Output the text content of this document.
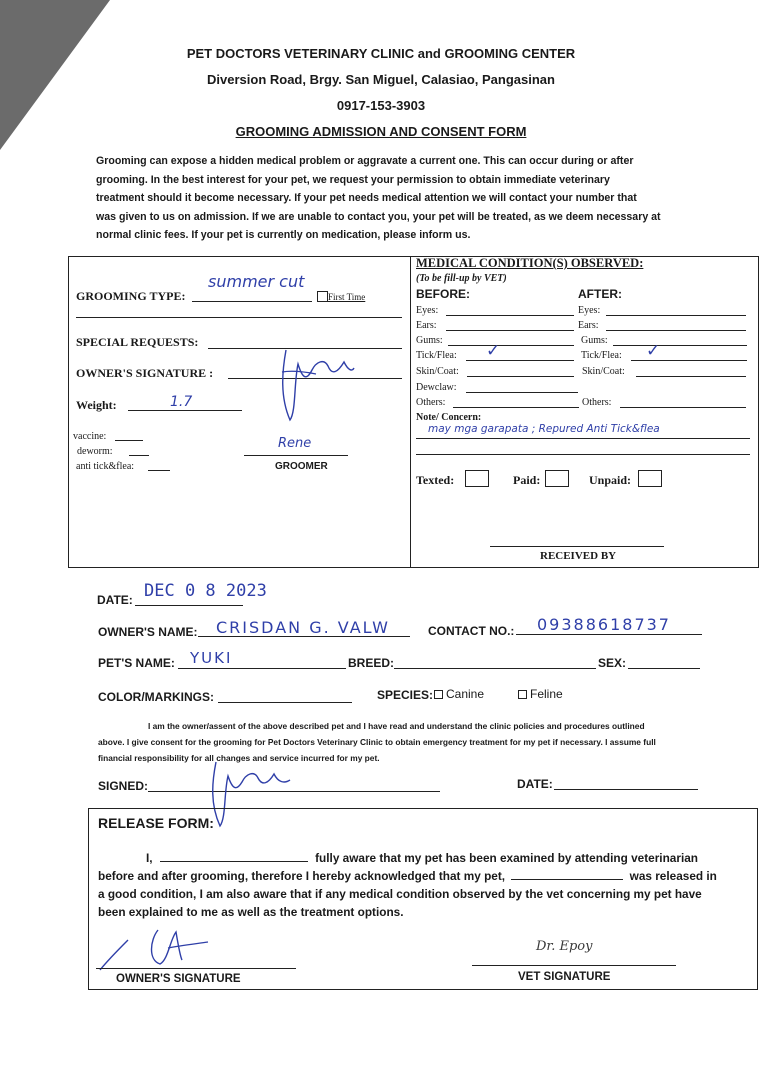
PET DOCTORS VETERINARY CLINIC and GROOMING CENTER
Diversion Road, Brgy. San Miguel, Calasiao, Pangasinan
0917-153-3903
GROOMING ADMISSION AND CONSENT FORM
Grooming can expose a hidden medical problem or aggravate a current one. This can occur during or after
grooming. In the best interest for your pet, we request your permission to obtain immediate veterinary
treatment should it become necessary. If your pet needs medical attention we will contact your number that
was given to us on admission. If we are unable to contact you, your pet will be treated, as we deem necessary at
normal clinic fees. If your pet is currently on medication, please inform us.
GROOMING TYPE:
summer cut
First Time
SPECIAL REQUESTS:
OWNER'S SIGNATURE :
Weight:	1.7
vaccine:
deworm:
anti tick&flea:
Rene
GROOMER
MEDICAL CONDITION(S) OBSERVED:
(To be fill-up by VET)
BEFORE:	AFTER:
Eyes:	Eyes:
Ears:	Ears:
Gums:	Gums:
Tick/Flea: ✓	Tick/Flea: ✓
Skin/Coat:	Skin/Coat:
Dewclaw:
Others:	Others:
Note/ Concern:
may mga garapata ; Repured Anti Tick&flea
Texted:	Paid:	Unpaid:
RECEIVED BY
DATE: DEC 0 8 2023
OWNER'S NAME: CRISDAN G. VALW	CONTACT NO.: 09388618737
PET'S NAME: YUKI	BREED:	SEX:
COLOR/MARKINGS:	SPECIES: Canine	Feline
I am the owner/assent of the above described pet and I have read and understand the clinic policies and procedures outlined
above. I give consent for the grooming for Pet Doctors Veterinary Clinic to obtain emergency treatment for my pet if necessary. I assume full
financial responsibility for all changes and service incurred for my pet.
SIGNED:	DATE:
RELEASE FORM:
I,	fully aware that my pet has been examined by attending veterinarian
before and after grooming, therefore I hereby acknowledged that my pet,	was released in
a good condition, I am also aware that if any medical condition observed by the vet concerning my pet have
been explained to me as well as the treatment options.
OWNER'S SIGNATURE
Dr. Epoy
VET SIGNATURE
